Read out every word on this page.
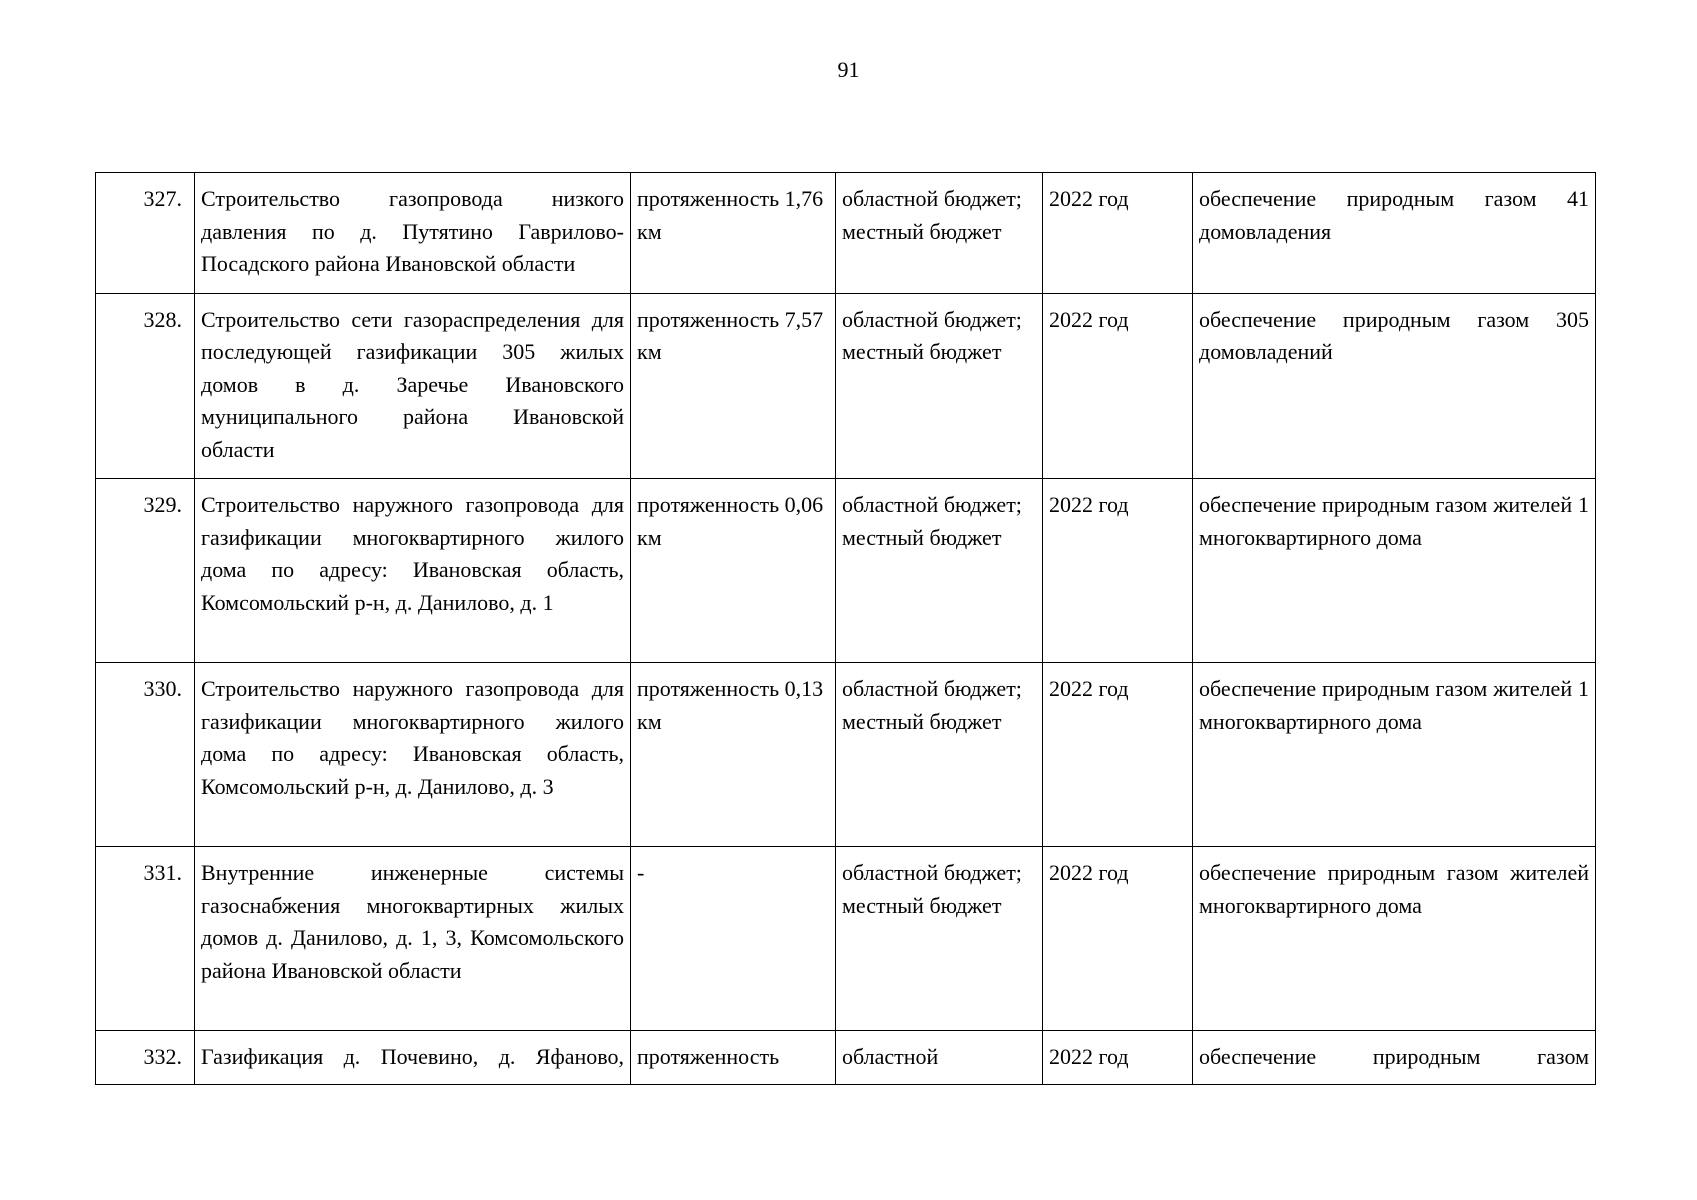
91
327.	Строительство газопровода низкого давления по д. Путятино Гаврилово-Посадского района Ивановской области	протяженность 1,76 км	областной бюджет; местный бюджет	2022 год	обеспечение природным газом 41 домовладения
328.	Строительство сети газораспределения для последующей газификации 305 жилых домов в д. Заречье Ивановского муниципального района Ивановской области	протяженность 7,57 км	областной бюджет; местный бюджет	2022 год	обеспечение природным газом 305 домовладений
329.	Строительство наружного газопровода для газификации многоквартирного жилого дома по адресу: Ивановская область, Комсомольский р-н, д. Данилово, д. 1	протяженность 0,06 км	областной бюджет; местный бюджет	2022 год	обеспечение природным газом жителей 1 многоквартирного дома
330.	Строительство наружного газопровода для газификации многоквартирного жилого дома по адресу: Ивановская область, Комсомольский р-н, д. Данилово, д. 3	протяженность 0,13 км	областной бюджет; местный бюджет	2022 год	обеспечение природным газом жителей 1 многоквартирного дома
331.	Внутренние инженерные системы газоснабжения многоквартирных жилых домов д. Данилово, д. 1, 3, Комсомольского района Ивановской области	-	областной бюджет; местный бюджет	2022 год	обеспечение природным газом жителей многоквартирного дома
332.	Газификация д. Почевино, д. Яфаново,	протяженность	областной	2022 год	обеспечение природным газом
